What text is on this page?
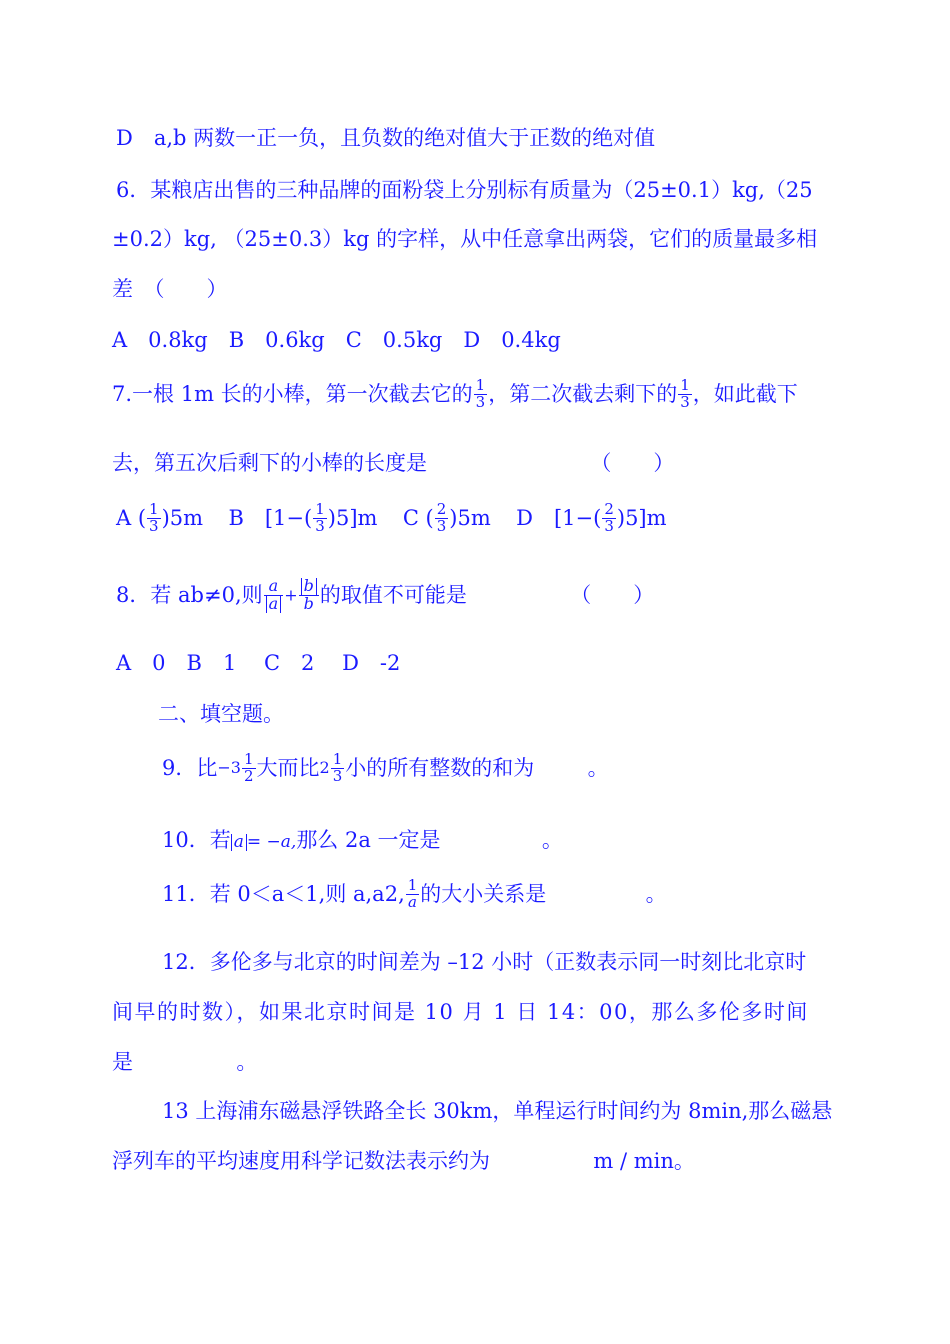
D　a,b 两数一正一负，且负数的绝对值大于正数的绝对值
6．某粮店出售的三种品牌的面粉袋上分别标有质量为（25±0.1）kg,（25
±0.2）kg, （25±0.3）kg 的字样，从中任意拿出两袋，它们的质量最多相
差　（　　）
A　0.8kg　B　0.6kg　C　0.5kg　D　0.4kg
7.一根 1m 长的小棒，第一次截去它的 $\frac{1}{3}$ ，第二次截去剩下的 $\frac{1}{3}$ ，如此截下
去，第五次后剩下的小棒的长度是	（　　）
A ( $\frac{1}{3} )5m$ B　$[1-( \frac{1}{3} )5]m$ C ( $\frac{2}{3} )5m$ D　$[1-( \frac{2}{3} )5]m$
8．若 ab≠0,则 $\frac{a}{a} + \frac{b}{b}$ 的取值不可能是	（　　）
A　0　B　1　 C　2　 D　-2
二、填空题。
9．比$-3 \frac{1}{2}$ 大而比$2 \frac{1}{3}$ 小的所有整数的和为	。
10．若 a = −a,那么 2a 一定是	。
11．若 0＜a＜1,则 a,a2, $\frac{1}{a}$ 的大小关系是	。
12．多伦多与北京的时间差为 –12 小时（正数表示同一时刻比北京时
间早的时数），如果北京时间是 10 月 1 日 14：00，那么多伦多时间
是	。
13 上海浦东磁悬浮铁路全长 30km，单程运行时间约为 8min,那么磁悬
浮列车的平均速度用科学记数法表示约为	m / min。
